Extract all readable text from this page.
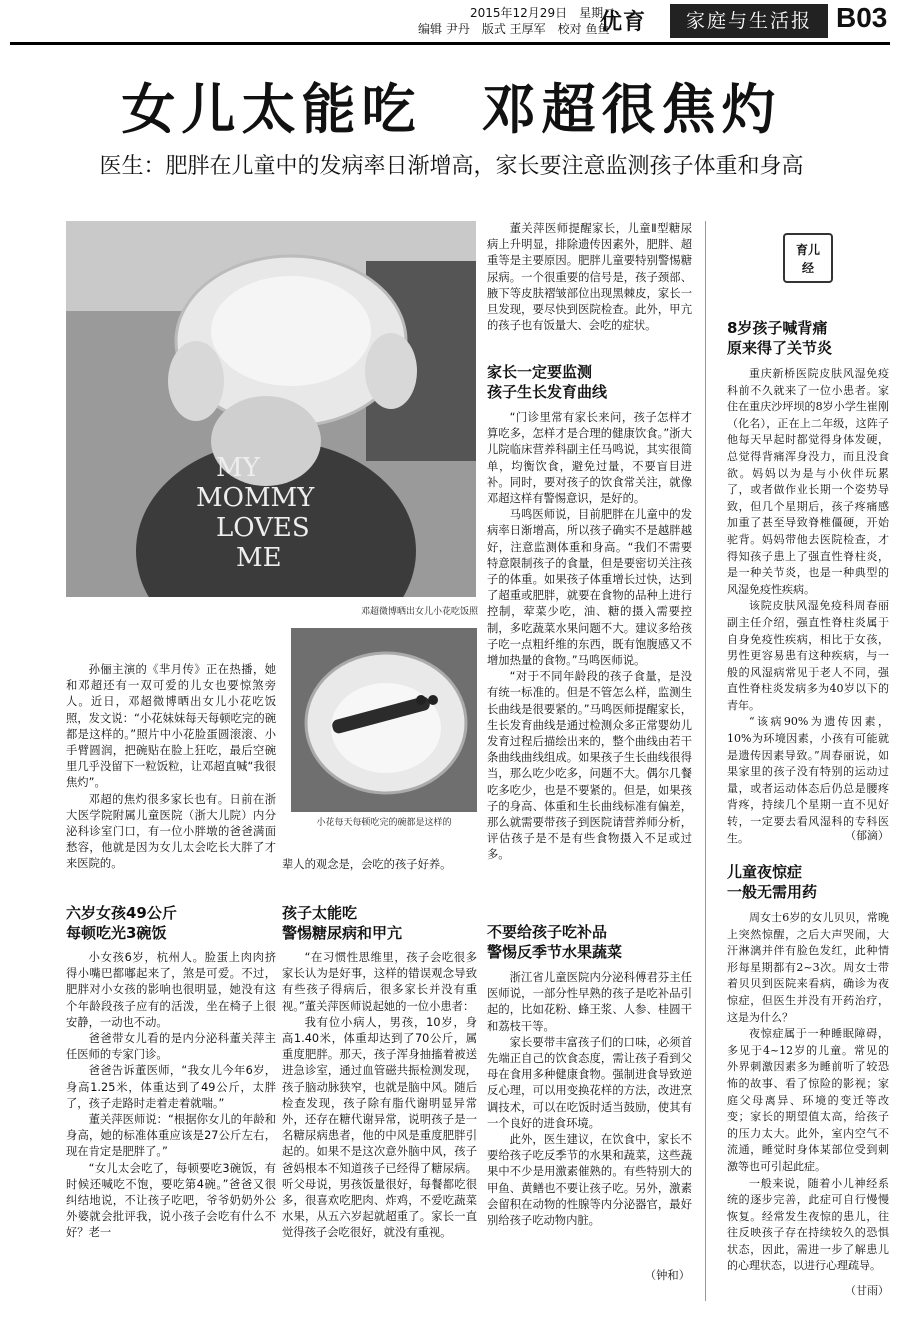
2015年12月29日　星期二
编辑 尹丹　版式 王厚军　校对 鱼鱼
优育	家庭与生活报 B03
女儿太能吃　邓超很焦灼
医生：肥胖在儿童中的发病率日渐增高，家长要注意监测孩子体重和身高
MY
MOMMY
LOVES
ME
邓超微博晒出女儿小花吃饭照
小花每天每顿吃完的碗都是这样的

孙俪主演的《芈月传》正在热播，她和邓超还有一双可爱的儿女也要惊煞旁人。近日，邓超微博晒出女儿小花吃饭照，发文说：“小花妹妹每天每顿吃完的碗都是这样的。”照片中小花脸蛋圆滚滚、小手臂圆润，把碗贴在脸上狂吃，最后空碗里几乎没留下一粒饭粒，让邓超直喊“我很焦灼”。

邓超的焦灼很多家长也有。日前在浙大医学院附属儿童医院（浙大儿院）内分泌科诊室门口，有一位小胖墩的爸爸满面愁容，他就是因为女儿太会吃长大胖了才来医院的。

六岁女孩49公斤
每顿吃光3碗饭

小女孩6岁，杭州人。脸蛋上肉肉挤得小嘴巴都嘟起来了，煞是可爱。不过，肥胖对小女孩的影响也很明显，她没有这个年龄段孩子应有的活泼，坐在椅子上很安静，一动也不动。

爸爸带女儿看的是内分泌科董关萍主任医师的专家门诊。

爸爸告诉董医师，“我女儿今年6岁，身高1.25米，体重达到了49公斤，太胖了，孩子走路时走着走着就喘。”

董关萍医师说：“根据你女儿的年龄和身高，她的标准体重应该是27公斤左右，现在肯定是肥胖了。”

“女儿太会吃了，每顿要吃3碗饭，有时候还喊吃不饱，要吃第4碗。”爸爸又很纠结地说，不让孩子吃吧，爷爷奶奶外公外婆就会批评我，说小孩子会吃有什么不好？老一

辈人的观念是，会吃的孩子好养。
孩子太能吃
警惕糖尿病和甲亢

“在习惯性思维里，孩子会吃很多家长认为是好事，这样的错误观念导致有些孩子得病后，很多家长并没有重视。”董关萍医师说起她的一位小患者：

我有位小病人，男孩，10岁，身高1.40米，体重却达到了70公斤，属重度肥胖。那天，孩子浑身抽搐着被送进急诊室，通过血管磁共振检测发现，孩子脑动脉狭窄，也就是脑中风。随后检查发现，孩子除有脂代谢明显异常外，还存在糖代谢异常，说明孩子是一名糖尿病患者，他的中风是重度肥胖引起的。如果不是这次意外脑中风，孩子爸妈根本不知道孩子已经得了糖尿病。听父母说，男孩饭量很好，每餐都吃很多，很喜欢吃肥肉、炸鸡，不爱吃蔬菜水果，从五六岁起就超重了。家长一直觉得孩子会吃很好，就没有重视。

董关萍医师提醒家长，儿童Ⅱ型糖尿病上升明显，排除遗传因素外，肥胖、超重等是主要原因。肥胖儿童要特别警惕糖尿病。一个很重要的信号是，孩子颈部、腋下等皮肤褶皱部位出现黑棘皮，家长一旦发现，要尽快到医院检查。此外，甲亢的孩子也有饭量大、会吃的症状。

家长一定要监测
孩子生长发育曲线

“门诊里常有家长来问，孩子怎样才算吃多，怎样才是合理的健康饮食。”浙大儿院临床营养科副主任马鸣说，其实很简单，均衡饮食，避免过量，不要盲目进补。同时，要对孩子的饮食常关注，就像邓超这样有警惕意识，是好的。

马鸣医师说，目前肥胖在儿童中的发病率日渐增高，所以孩子确实不是越胖越好，注意监测体重和身高。“我们不需要特意限制孩子的食量，但是要密切关注孩子的体重。如果孩子体重增长过快，达到了超重或肥胖，就要在食物的品种上进行控制，荤菜少吃，油、糖的摄入需要控制，多吃蔬菜水果问题不大。建议多给孩子吃一点粗纤维的东西，既有饱腹感又不增加热量的食物。”马鸣医师说。

“对于不同年龄段的孩子食量，是没有统一标准的。但是不管怎么样，监测生长曲线是很要紧的。”马鸣医师提醒家长，生长发育曲线是通过检测众多正常婴幼儿发育过程后描绘出来的，整个曲线由若干条曲线曲线组成。如果孩子生长曲线很得当，那么吃少吃多，问题不大。偶尔几餐吃多吃少，也是不要紧的。但是，如果孩子的身高、体重和生长曲线标准有偏差，那么就需要带孩子到医院请营养师分析，评估孩子是不是有些食物摄入不足或过多。

不要给孩子吃补品
警惕反季节水果蔬菜

浙江省儿童医院内分泌科傅君芬主任医师说，一部分性早熟的孩子是吃补品引起的，比如花粉、蜂王浆、人参、桂圆干和荔枝干等。

家长要带丰富孩子们的口味，必须首先端正自己的饮食态度，需让孩子看到父母在食用多种健康食物。强制进食导致逆反心理，可以用变换花样的方法，改进烹调技术，可以在吃饭时适当鼓励，使其有一个良好的进食环境。

此外，医生建议，在饮食中，家长不要给孩子吃反季节的水果和蔬菜，这些蔬果中不少是用激素催熟的。有些特别大的甲鱼、黄鳝也不要让孩子吃。另外，激素会留积在动物的性腺等内分泌器官，最好别给孩子吃动物内脏。

（钟和）
育儿
经
8岁孩子喊背痛
原来得了关节炎

重庆新桥医院皮肤风湿免疫科前不久就来了一位小患者。家住在重庆沙坪坝的8岁小学生崔刚（化名），正在上二年级，这阵子他每天早起时都觉得身体发硬，总觉得背痛浑身没力，而且没食欲。妈妈以为是与小伙伴玩累了，或者做作业长期一个姿势导致，但几个星期后，孩子疼痛感加重了甚至导致脊椎僵硬，开始驼背。妈妈带他去医院检查，才得知孩子患上了强直性脊柱炎，是一种关节炎，也是一种典型的风湿免疫性疾病。

该院皮肤风湿免疫科周春丽副主任介绍，强直性脊柱炎属于自身免疫性疾病，相比于女孩，男性更容易患有这种疾病，与一般的风湿病常见于老人不同，强直性脊柱炎发病多为40岁以下的青年。

“该病90%为遗传因素，10%为环境因素，小孩有可能就是遗传因素导致。”周春丽说，如果家里的孩子没有特别的运动过量，或者运动体态后仍总是腰疼背疼，持续几个星期一直不见好转，一定要去看风湿科的专科医生。	（郁滴）
儿童夜惊症
一般无需用药

周女士6岁的女儿贝贝，常晚上突然惊醒，之后大声哭闹，大汗淋漓并伴有脸色发红，此种情形每星期都有2~3次。周女士带着贝贝到医院来看病，确诊为夜惊症，但医生并没有开药治疗，这是为什么？

夜惊症属于一种睡眠障碍，多见于4~12岁的儿童。常见的外界刺激因素多为睡前听了较恐怖的故事、看了惊险的影视；家庭父母离异、环境的变迁等改变；家长的期望值太高，给孩子的压力太大。此外，室内空气不流通，睡觉时身体某部位受到刺激等也可引起此症。

一般来说，随着小儿神经系统的逐步完善，此症可自行慢慢恢复。经常发生夜惊的患儿，往往反映孩子存在持续较久的恐惧状态，因此，需进一步了解患儿的心理状态，以进行心理疏导。

（甘雨）
